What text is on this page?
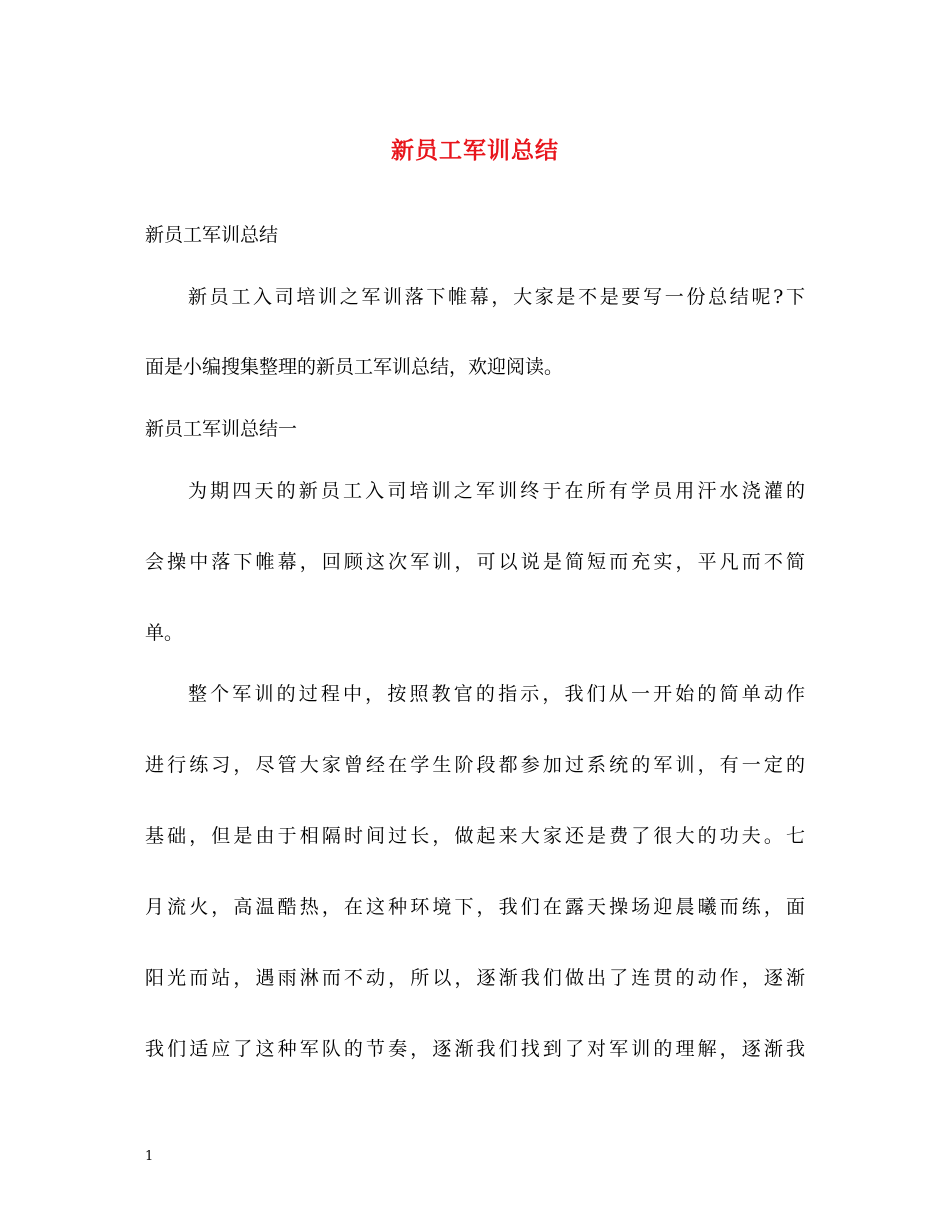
新员工军训总结
新员工军训总结
新员工入司培训之军训落下帷幕，大家是不是要写一份总结呢?下
面是小编搜集整理的新员工军训总结，欢迎阅读。
新员工军训总结一
为期四天的新员工入司培训之军训终于在所有学员用汗水浇灌的
会操中落下帷幕，回顾这次军训，可以说是简短而充实，平凡而不简
单。
整个军训的过程中，按照教官的指示，我们从一开始的简单动作
进行练习，尽管大家曾经在学生阶段都参加过系统的军训，有一定的
基础，但是由于相隔时间过长，做起来大家还是费了很大的功夫。七
月流火，高温酷热，在这种环境下，我们在露天操场迎晨曦而练，面
阳光而站，遇雨淋而不动，所以，逐渐我们做出了连贯的动作，逐渐
我们适应了这种军队的节奏，逐渐我们找到了对军训的理解，逐渐我
1
